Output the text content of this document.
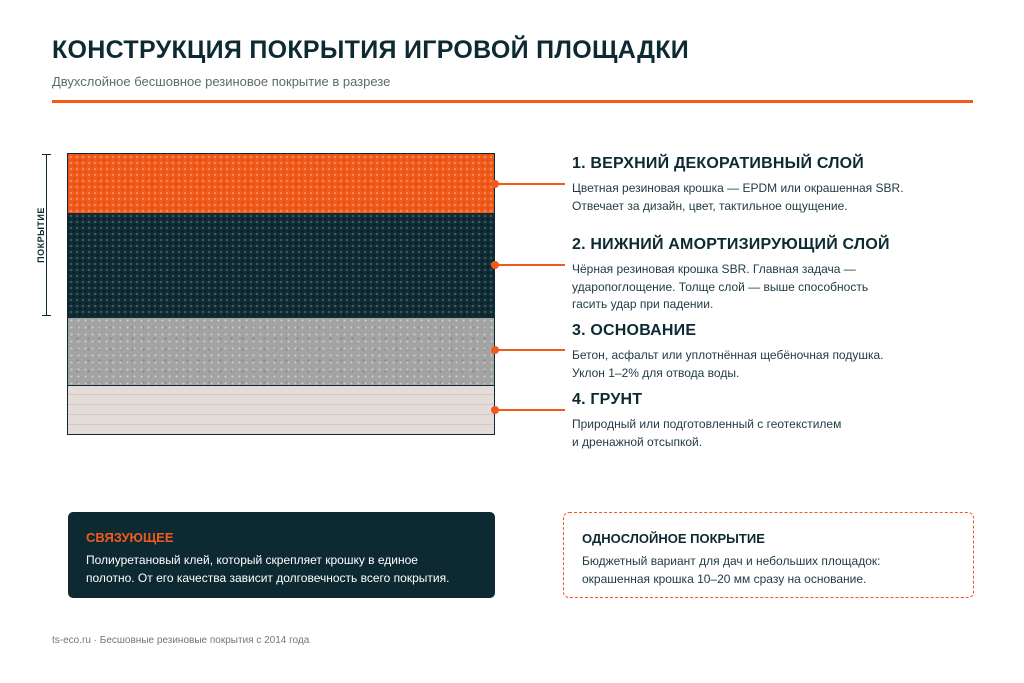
КОНСТРУКЦИЯ ПОКРЫТИЯ ИГРОВОЙ ПЛОЩАДКИ
Двухслойное бесшовное резиновое покрытие в разрезе
ПОКРЫТИЕ
1. ВЕРХНИЙ ДЕКОРАТИВНЫЙ СЛОЙ

Цветная резиновая крошка — EPDM или окрашенная SBR.
Отвечает за дизайн, цвет, тактильное ощущение.

2. НИЖНИЙ АМОРТИЗИРУЮЩИЙ СЛОЙ

Чёрная резиновая крошка SBR. Главная задача —
ударопоглощение. Толще слой — выше способность
гасить удар при падении.

3. ОСНОВАНИЕ

Бетон, асфальт или уплотнённая щебёночная подушка.
Уклон 1–2% для отвода воды.

4. ГРУНТ

Природный или подготовленный с геотекстилем
и дренажной отсыпкой.

СВЯЗУЮЩЕЕ
Полиуретановый клей, который скрепляет крошку в единое
полотно. От его качества зависит долговечность всего покрытия.
ОДНОСЛОЙНОЕ ПОКРЫТИЕ
Бюджетный вариант для дач и небольших площадок:
окрашенная крошка 10–20 мм сразу на основание.
ts-eco.ru · Бесшовные резиновые покрытия с 2014 года
